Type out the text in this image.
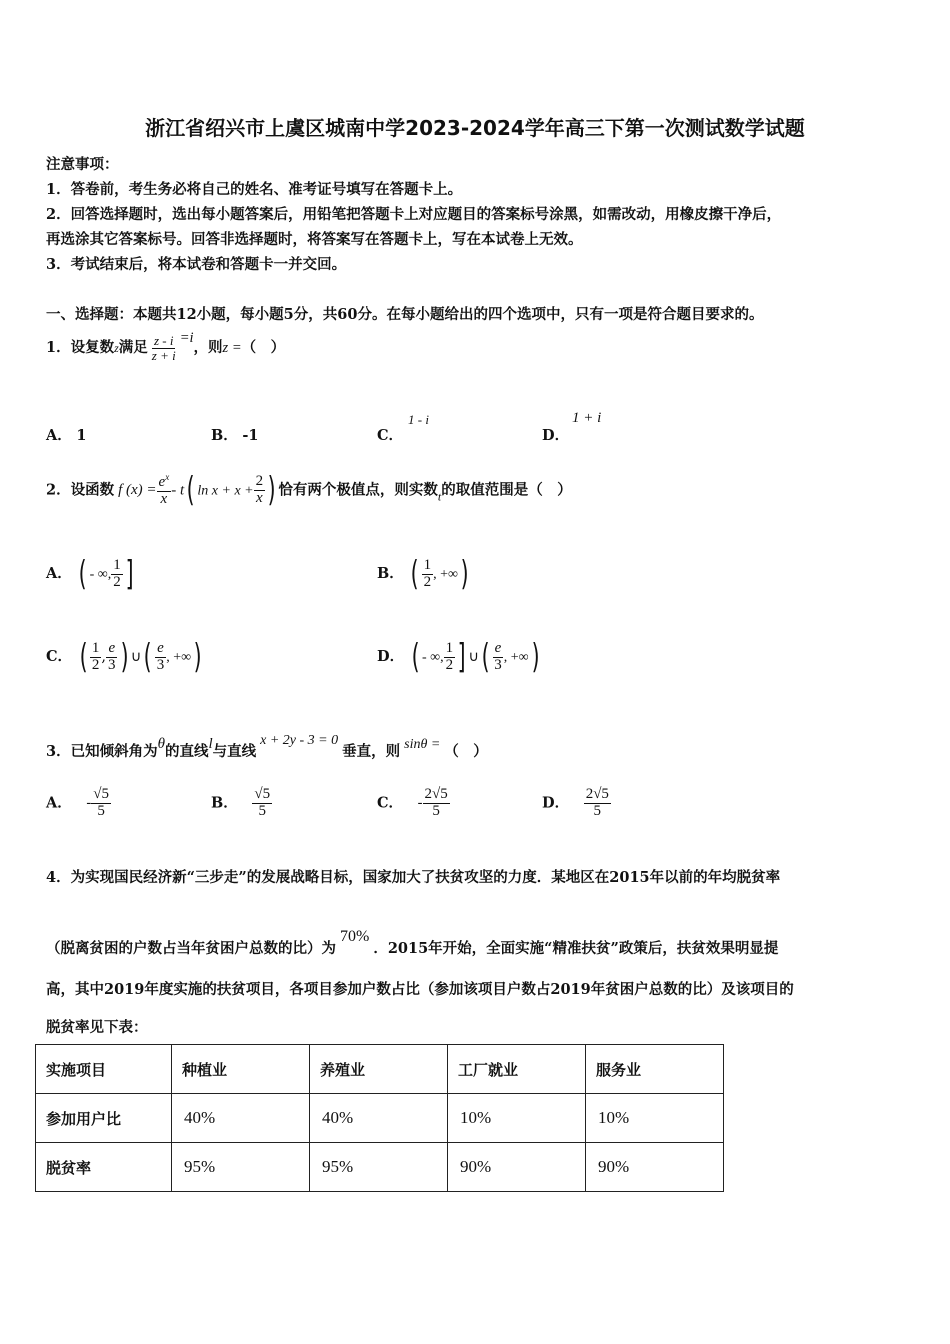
浙江省绍兴市上虞区城南中学2023-2024学年高三下第一次测试数学试题
注意事项：
1．答卷前，考生务必将自己的姓名、准考证号填写在答题卡上。
2．回答选择题时，选出每小题答案后，用铅笔把答题卡上对应题目的答案标号涂黑，如需改动，用橡皮擦干净后，
再选涂其它答案标号。回答非选择题时，将答案写在答题卡上，写在本试卷上无效。
3．考试结束后，将本试卷和答题卡一并交回。
一、选择题：本题共12小题，每小题5分，共60分。在每小题给出的四个选项中，只有一项是符合题目要求的。
1．设复数z满足 $\frac{z - i}{z + i} =i$，则z =（　）
A． 1	B． -1	C．
1 - i
D．
1 + i
2．设函数 f $(x) = \frac{e^x}{x} - t$( $\ln x + x + \frac{2}{x}$ ) 恰有两个极值点，则实数$_t$的取值范围是（　）
A． ( - ∞, $\frac{1}{2}$ ]	B． ( $\frac{1}{2}$ , +∞)
C． ( $\frac{1}{2}$ , $\frac{e}{3}$ ) ∪( $\frac{e}{3}$ , +∞)	D． ( - ∞, $\frac{1}{2}$ ] ∪( $\frac{e}{3}$ , +∞)
3．已知倾斜角为θ的直线l与直线x + 2y - 3 = 0垂直，则 sinθ = （　）
A． - $\frac{√5}{5}$	B． $\frac{√5}{5}$	C． - $\frac{2√5}{5}$	D． $\frac{2√5}{5}$
4．为实现国民经济新“三步走”的发展战略目标，国家加大了扶贫攻坚的力度．某地区在2015年以前的年均脱贫率
（脱离贫困的户数占当年贫困户总数的比）为70%．2015年开始，全面实施“精准扶贫”政策后，扶贫效果明显提
高，其中2019年度实施的扶贫项目，各项目参加户数占比（参加该项目户数占2019年贫困户总数的比）及该项目的
脱贫率见下表：
实施项目	种植业	养殖业	工厂就业	服务业
参加用户比	40%	40%	10%	10%
脱贫率	95%	95%	90%	90%
